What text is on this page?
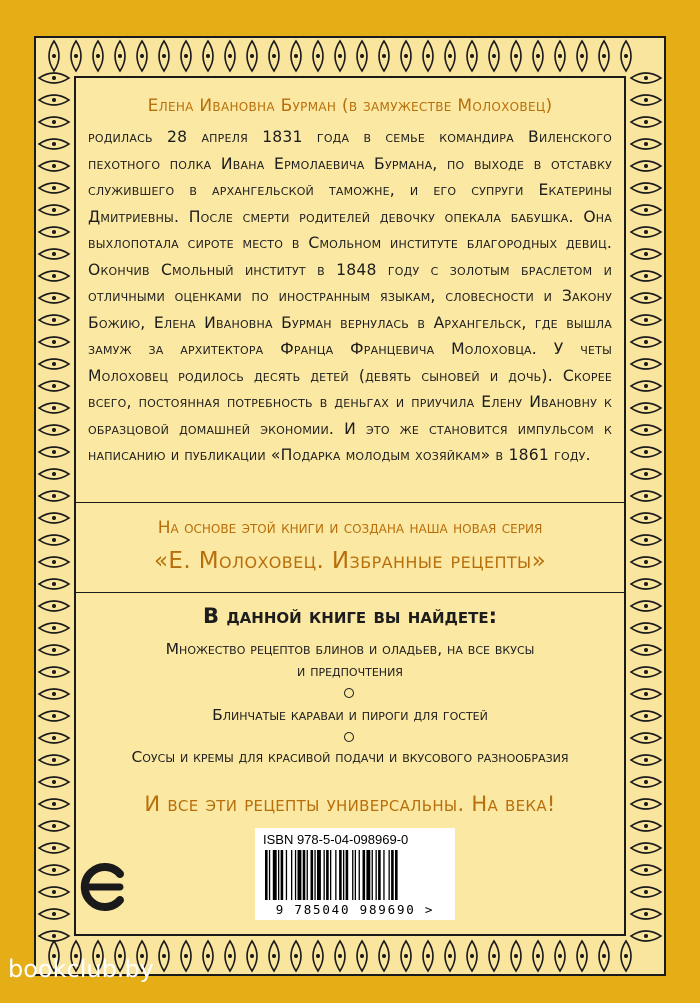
Елена Ивановна Бурман (в замужестве Молоховец)
родилась 28 апреля 1831 года в семье командира Виленского пехотного полка Ивана Ермолаевича Бурмана, по выходе в отставку служившего в архангельской таможне, и его супруги Екатерины Дмитриевны. После смерти родителей девочку опекала бабушка. Она выхлопотала сироте место в Смольном институте благородных девиц. Окончив Смольный институт в 1848 году с золотым браслетом и отличными оценками по иностранным языкам, словесности и Закону Божию, Елена Ивановна Бурман вернулась в Архангельск, где вышла замуж за архитектора Франца Францевича Молоховца. У четы Молоховец родилось десять детей (девять сыновей и дочь). Скорее всего, постоянная потребность в деньгах и приучила Елену Ивановну к образцовой домашней экономии. И это же становится импульсом к написанию и публикации «Подарка молодым хозяйкам» в 1861 году.
На основе этой книги и создана наша новая серия
«Е. Молоховец. Избранные рецепты»
В данной книге вы найдете:
Множество рецептов блинов и оладьев, на все вкусы
и предпочтения
Блинчатые караваи и пироги для гостей
Соусы и кремы для красивой подачи и вкусового разнообразия
И все эти рецепты универсальны. На века!
ISBN 978-5-04-098969-0
9 785040 989690 >
bookclub.by
